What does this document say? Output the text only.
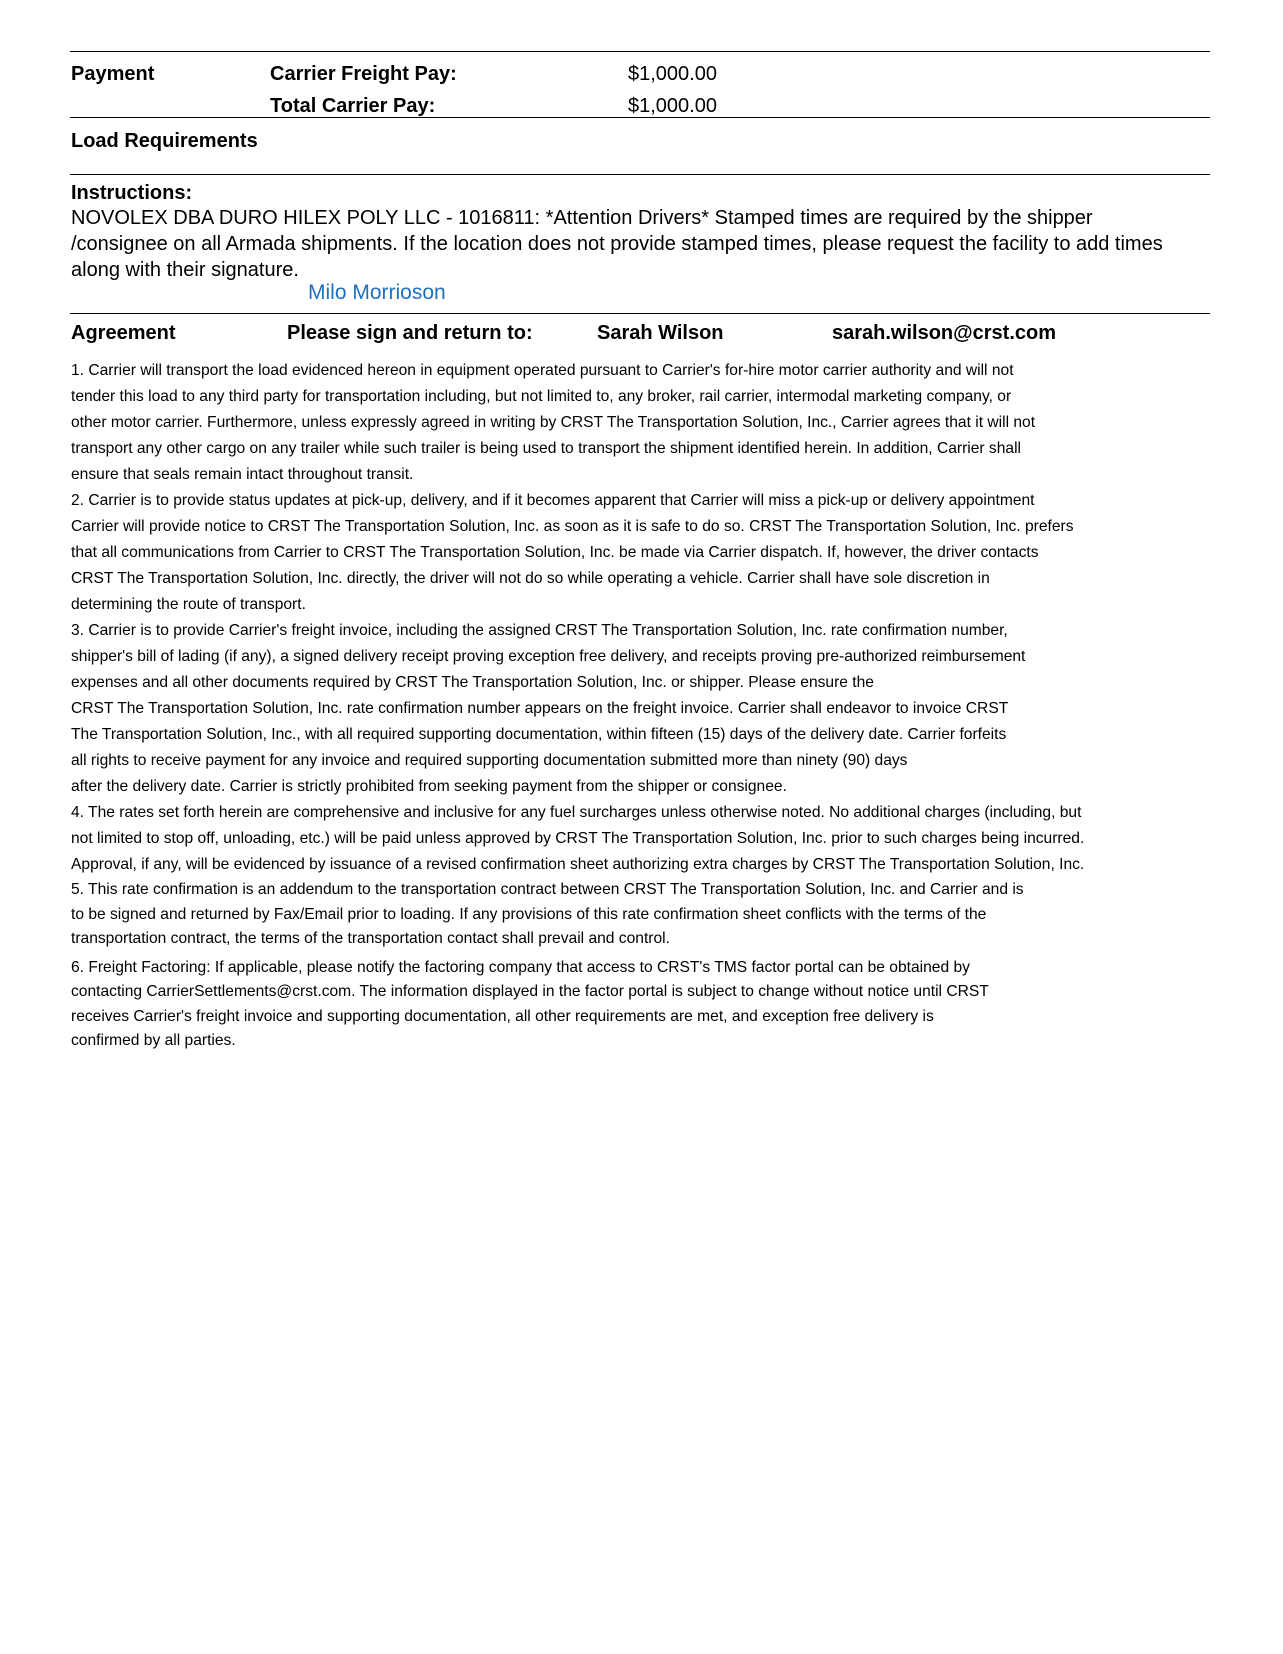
Payment	Carrier Freight Pay:	$1,000.00
Total Carrier Pay:	$1,000.00
Load Requirements
Instructions:
NOVOLEX DBA DURO HILEX POLY LLC - 1016811: *Attention Drivers* Stamped times are required by the shipper /consignee on all Armada shipments. If the location does not provide stamped times, please request the facility to add times along with their signature.
Milo Morrioson
Agreement	Please sign and return to:	Sarah Wilson	sarah.wilson@crst.com
1. Carrier will transport the load evidenced hereon in equipment operated pursuant to Carrier's for-hire motor carrier authority and will not
tender this load to any third party for transportation including, but not limited to, any broker, rail carrier, intermodal marketing company, or
other motor carrier. Furthermore, unless expressly agreed in writing by CRST The Transportation Solution, Inc., Carrier agrees that it will not
transport any other cargo on any trailer while such trailer is being used to transport the shipment identified herein. In addition, Carrier shall
ensure that seals remain intact throughout transit.
2. Carrier is to provide status updates at pick-up, delivery, and if it becomes apparent that Carrier will miss a pick-up or delivery appointment
Carrier will provide notice to CRST The Transportation Solution, Inc. as soon as it is safe to do so. CRST The Transportation Solution, Inc. prefers
that all communications from Carrier to CRST The Transportation Solution, Inc. be made via Carrier dispatch. If, however, the driver contacts
CRST The Transportation Solution, Inc. directly, the driver will not do so while operating a vehicle. Carrier shall have sole discretion in
determining the route of transport.
3. Carrier is to provide Carrier's freight invoice, including the assigned CRST The Transportation Solution, Inc. rate confirmation number,
shipper's bill of lading (if any), a signed delivery receipt proving exception free delivery, and receipts proving pre-authorized reimbursement
expenses and all other documents required by CRST The Transportation Solution, Inc. or shipper. Please ensure the
CRST The Transportation Solution, Inc. rate confirmation number appears on the freight invoice. Carrier shall endeavor to invoice CRST
The Transportation Solution, Inc., with all required supporting documentation, within fifteen (15) days of the delivery date. Carrier forfeits
all rights to receive payment for any invoice and required supporting documentation submitted more than ninety (90) days
after the delivery date. Carrier is strictly prohibited from seeking payment from the shipper or consignee.
4. The rates set forth herein are comprehensive and inclusive for any fuel surcharges unless otherwise noted. No additional charges (including, but
not limited to stop off, unloading, etc.) will be paid unless approved by CRST The Transportation Solution, Inc. prior to such charges being incurred.
Approval, if any, will be evidenced by issuance of a revised confirmation sheet authorizing extra charges by CRST The Transportation Solution, Inc.
5. This rate confirmation is an addendum to the transportation contract between CRST The Transportation Solution, Inc. and Carrier and is
to be signed and returned by Fax/Email prior to loading. If any provisions of this rate confirmation sheet conflicts with the terms of the
transportation contract, the terms of the transportation contact shall prevail and control.
6. Freight Factoring: If applicable, please notify the factoring company that access to CRST's TMS factor portal can be obtained by
contacting CarrierSettlements@crst.com. The information displayed in the factor portal is subject to change without notice until CRST
receives Carrier's freight invoice and supporting documentation, all other requirements are met, and exception free delivery is
confirmed by all parties.
